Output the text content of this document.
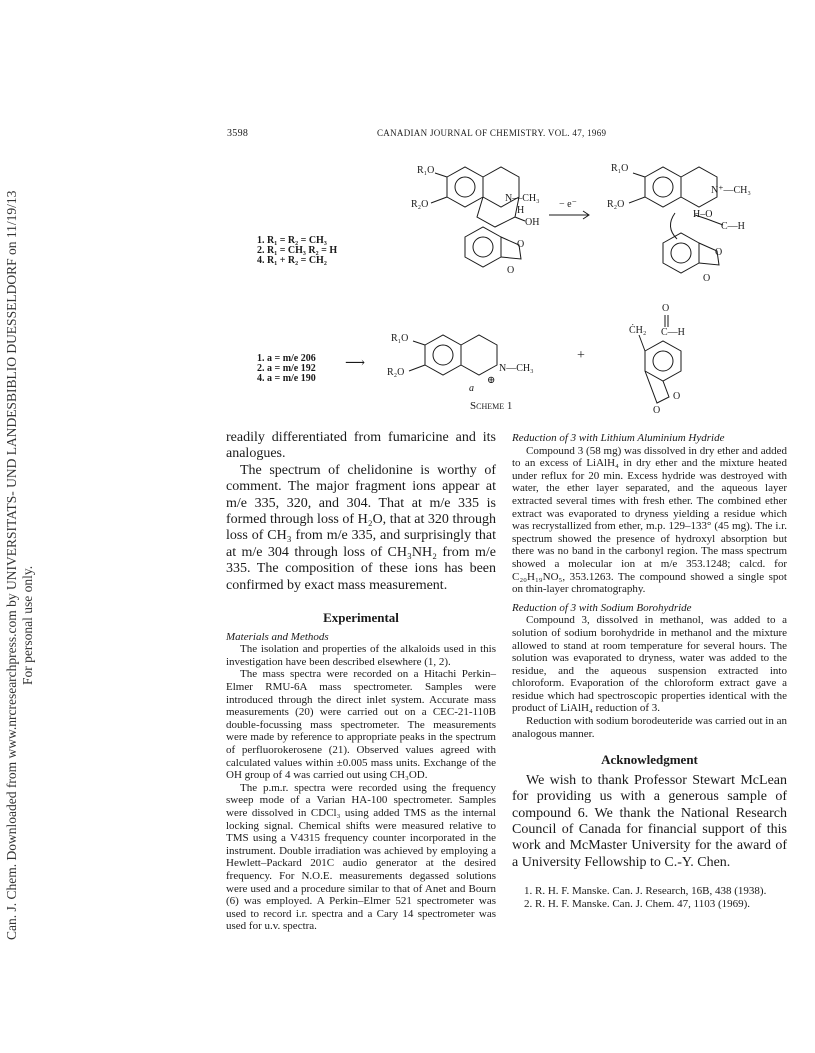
Can. J. Chem. Downloaded from www.nrcresearchpress.com by UNIVERSITATS- UND LANDESBIBLIO DUESSELDORF on 11/19/13 For personal use only.
3598	CANADIAN JOURNAL OF CHEMISTRY. VOL. 47, 1969
1. R₁ = R₂ = CH₃
2. R₁ = CH₃ R₂ = H
4. R₁ + R₂ = CH₂
1. a = m/e 206
2. a = m/e 192
4. a = m/e 190
R₁O
R₂O
N—CH₃
H
OH
O
O
− e⁻
R₁O
R₂O
N⁺—CH₃
H–O
C—H
O
O
⟶
R₁O
R₂O	N—CH₃
⊕
a
+
O
ĊH₂ C—H
O
O
Scheme 1

readily differentiated from fumaricine and its analogues.

The spectrum of chelidonine is worthy of comment. The major fragment ions appear at m/e 335, 320, and 304. That at m/e 335 is formed through loss of H₂O, that at 320 through loss of CH₃ from m/e 335, and surprisingly that at m/e 304 through loss of CH₃NH₂ from m/e 335. The composition of these ions has been confirmed by exact mass measurement.

Experimental

Materials and Methods

The isolation and properties of the alkaloids used in this investigation have been described elsewhere (1, 2).

The mass spectra were recorded on a Hitachi Perkin–Elmer RMU-6A mass spectrometer. Samples were introduced through the direct inlet system. Accurate mass measurements (20) were carried out on a CEC-21-110B double-focussing mass spectrometer. The measurements were made by reference to appropriate peaks in the spectrum of perfluorokerosene (21). Observed values agreed with calculated values within ±0.005 mass units. Exchange of the OH group of 4 was carried out using CH₃OD.

The p.m.r. spectra were recorded using the frequency sweep mode of a Varian HA-100 spectrometer. Samples were dissolved in CDCl₃ using added TMS as the internal locking signal. Chemical shifts were measured relative to TMS using a V4315 frequency counter incorporated in the instrument. Double irradiation was achieved by employing a Hewlett–Packard 201C audio generator at the desired frequency. For N.O.E. measurements degassed solutions were used and a procedure similar to that of Anet and Bourn (6) was employed. A Perkin–Elmer 521 spectrometer was used to record i.r. spectra and a Cary 14 spectrometer was used for u.v. spectra.

Reduction of 3 with Lithium Aluminium Hydride

Compound 3 (58 mg) was dissolved in dry ether and added to an excess of LiAlH₄ in dry ether and the mixture heated under reflux for 20 min. Excess hydride was destroyed with water, the ether layer separated, and the aqueous layer extracted several times with fresh ether. The combined ether extract was evaporated to dryness yielding a residue which was recrystallized from ether, m.p. 129–133° (45 mg). The i.r. spectrum showed the presence of hydroxyl absorption but there was no band in the carbonyl region. The mass spectrum showed a molecular ion at m/e 353.1248; calcd. for C₂₀H₁₉NO₅, 353.1263. The compound showed a single spot on thin-layer chromatography.

Reduction of 3 with Sodium Borohydride

Compound 3, dissolved in methanol, was added to a solution of sodium borohydride in methanol and the mixture allowed to stand at room temperature for several hours. The solution was evaporated to dryness, water was added to the residue, and the aqueous suspension extracted into chloroform. Evaporation of the chloroform extract gave a residue which had spectroscopic properties identical with the product of LiAlH₄ reduction of 3.

Reduction with sodium borodeuteride was carried out in an analogous manner.

Acknowledgment

We wish to thank Professor Stewart McLean for providing us with a generous sample of compound 6. We thank the National Research Council of Canada for financial support of this work and McMaster University for the award of a University Fellowship to C.-Y. Chen.

1. R. H. F. Manske. Can. J. Research, 16B, 438 (1938).

2. R. H. F. Manske. Can. J. Chem. 47, 1103 (1969).
